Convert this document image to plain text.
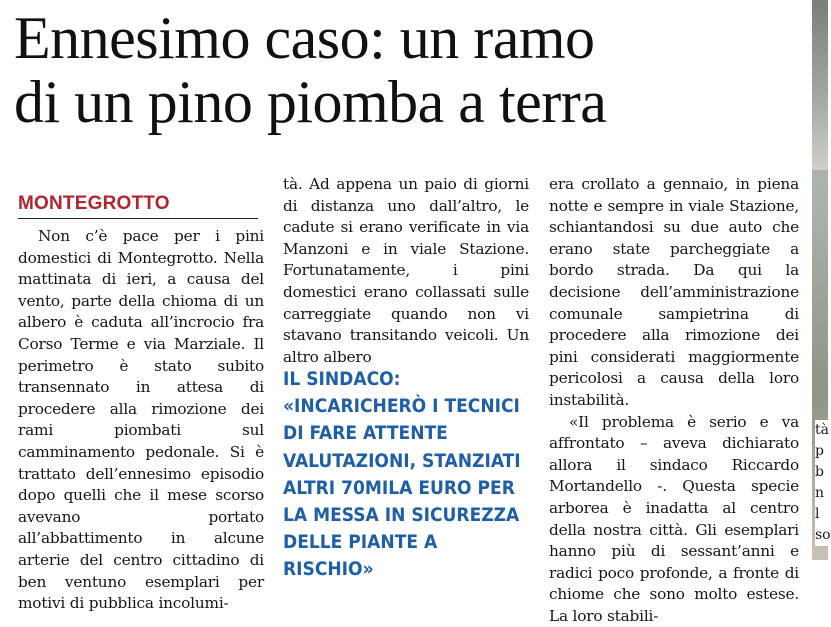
Ennesimo caso: un ramo
di un pino piomba a terra
MONTEGROTTO

Non c’è pace per i pini domestici di Montegrotto. Nella mattinata di ieri, a causa del vento, parte della chioma di un albero è caduta all’incrocio fra Corso Terme e via Marziale. Il perimetro è stato subito transennato in attesa di procedere alla rimozione dei rami piombati sul camminamento pedonale. Si è trattato dell’ennesimo episodio dopo quelli che il mese scorso avevano portato all’abbattimento in alcune arterie del centro cittadino di ben ventuno esemplari per motivi di pubblica incolumi-

tà. Ad appena un paio di giorni di distanza uno dall’altro, le cadute si erano verificate in via Manzoni e in viale Stazione. Fortunatamente, i pini domestici erano collassati sulle carreggiate quando non vi stavano transitando veicoli. Un altro albero

IL SINDACO: «INCARICHERÒ I TECNICI DI FARE ATTENTE VALUTAZIONI, STANZIATI ALTRI 70MILA EURO PER LA MESSA IN SICUREZZA DELLE PIANTE A RISCHIO»

era crollato a gennaio, in piena notte e sempre in viale Stazione, schiantandosi su due auto che erano state parcheggiate a bordo strada. Da qui la decisione dell’amministrazione comunale sampietrina di procedere alla rimozione dei pini considerati maggiormente pericolosi a causa della loro instabilità.

«Il problema è serio e va affrontato – aveva dichiarato allora il sindaco Riccardo Mortandello -. Questa specie arborea è inadatta al centro della nostra città. Gli esemplari hanno più di sessant’anni e radici poco profonde, a fronte di chiome che sono molto estese. La loro stabili-

tà
p
b
n
l
so
